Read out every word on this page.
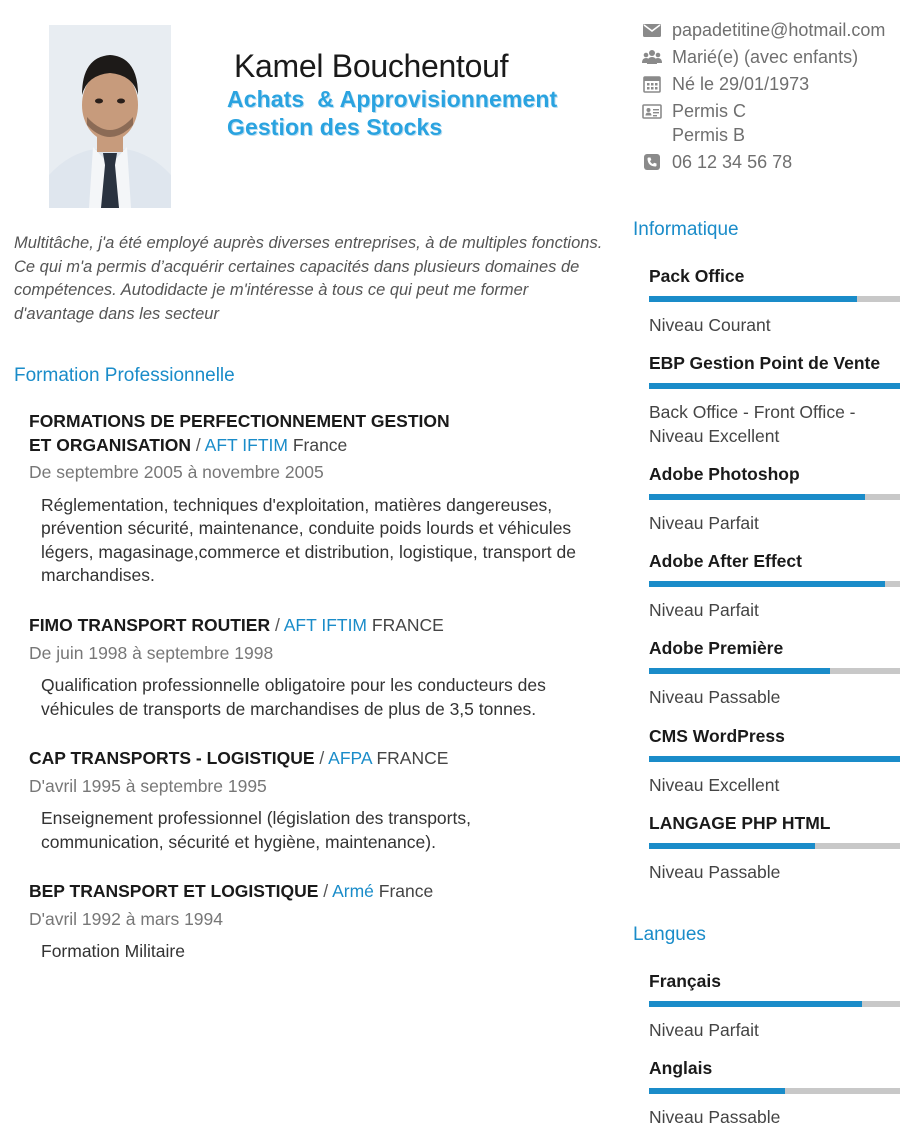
Kamel Bouchentouf
Achats  & Approvisionnement
Gestion des Stocks
papadetitine@hotmail.com
Marié(e) (avec enfants)
Né le 29/01/1973
Permis C
Permis B
06 12 34 56 78

Multitâche, j'a été employé auprès diverses entreprises, à de multiples fonctions. Ce qui m'a permis d’acquérir certaines capacités dans plusieurs domaines de compétences. Autodidacte je m'intéresse à tous ce qui peut me former d'avantage dans les secteur

Formation Professionnelle
FORMATIONS DE PERFECTIONNEMENT GESTION ET ORGANISATION / AFT IFTIM France
De septembre 2005 à novembre 2005
Réglementation, techniques d'exploitation, matières dangereuses, prévention sécurité, maintenance, conduite poids lourds et véhicules légers, magasinage,commerce et distribution, logistique, transport de marchandises.
FIMO TRANSPORT ROUTIER / AFT IFTIM FRANCE
De juin 1998 à septembre 1998
Qualification professionnelle obligatoire pour les conducteurs des véhicules de transports de marchandises de plus de 3,5 tonnes.
CAP TRANSPORTS - LOGISTIQUE / AFPA FRANCE
D'avril 1995 à septembre 1995
Enseignement professionnel (législation des transports, communication, sécurité et hygiène, maintenance).
BEP TRANSPORT ET LOGISTIQUE / Armé France
D'avril 1992 à mars 1994
Formation Militaire
Informatique
Pack Office
Niveau Courant
EBP Gestion Point de Vente
Back Office - Front Office - Niveau Excellent
Adobe Photoshop
Niveau Parfait
Adobe After Effect
Niveau Parfait
Adobe Première
Niveau Passable
CMS WordPress
Niveau Excellent
LANGAGE PHP HTML
Niveau Passable
Langues
Français
Niveau Parfait
Anglais
Niveau Passable
